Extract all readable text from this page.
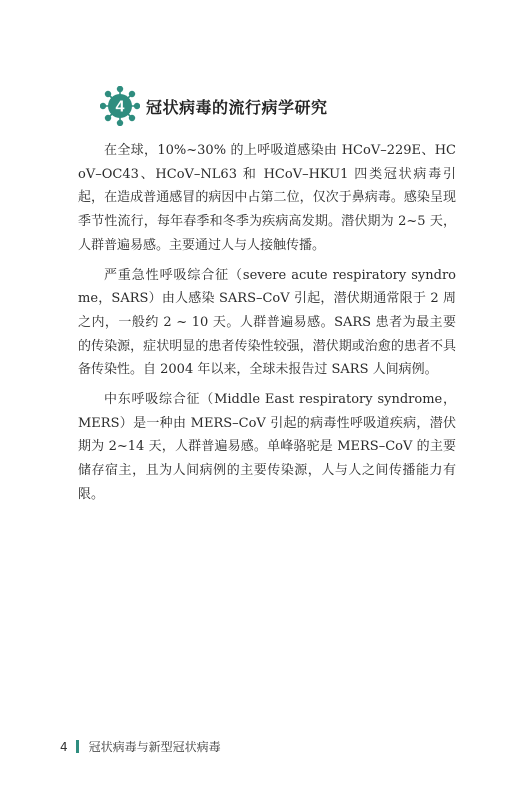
4 冠状病毒的流行病学研究

在全球，10%~30% 的上呼吸道感染由 HCoV–229E、HCoV–OC43、HCoV–NL63 和 HCoV–HKU1 四类冠状病毒引起，在造成普通感冒的病因中占第二位，仅次于鼻病毒。感染呈现季节性流行，每年春季和冬季为疾病高发期。潜伏期为 2~5 天，人群普遍易感。主要通过人与人接触传播。

严重急性呼吸综合征（severe acute respiratory syndrome，SARS）由人感染 SARS–CoV 引起，潜伏期通常限于 2 周之内，一般约 2 ~ 10 天。人群普遍易感。SARS 患者为最主要的传染源，症状明显的患者传染性较强，潜伏期或治愈的患者不具备传染性。自 2004 年以来，全球未报告过 SARS 人间病例。

中东呼吸综合征（Middle East respiratory syndrome，MERS）是一种由 MERS–CoV 引起的病毒性呼吸道疾病，潜伏期为 2~14 天，人群普遍易感。单峰骆驼是 MERS–CoV 的主要储存宿主，且为人间病例的主要传染源，人与人之间传播能力有限。

4 冠状病毒与新型冠状病毒
